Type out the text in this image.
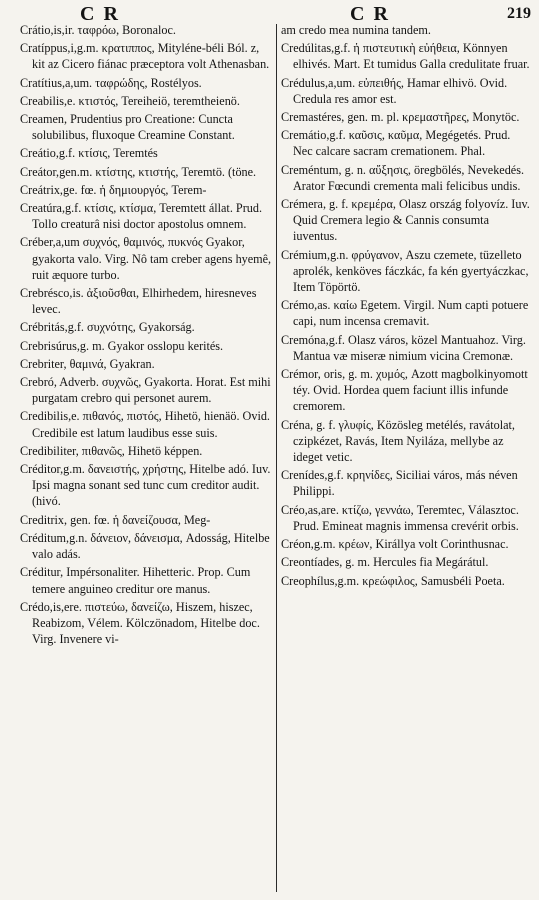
C R	C R	219
Crátio,is,ir. ταφρόω, Boronaloc.
Cratíppus,i,g.m. κρατιππος, Mityléne-béli Ból. z, kit az Cicero fiánac præceptora volt Athenasban.
Cratítius,a,um. ταφρώδης, Rostélyos.
Creabilis,e. κτιστός, Tereiheiö, teremtheienö.
Creamen, Prudentius pro Creatione: Cuncta solubilibus, fluxoque Creamine Constant.
Creátio,g.f. κτίσις, Teremtés
Creátor,gen.m. κτίστης, κτιστής, Teremtö. (töne.
Creátrix,ge. fœ. ἡ δημιουργός, Terem-
Creatúra,g.f. κτίσις, κτίσμα, Teremtett állat. Prud. Tollo creaturâ nisi doctor apostolus omnem.
Créber,a,um συχνός, θαμινός, πυκνός Gyakor, gyakorta valo. Virg. Nô tam creber agens hyemê, ruit æquore turbo.
Crebrésco,is. ἀξιοῦσθαι, Elhirhedem, hiresneves levec.
Crébritás,g.f. συχνότης, Gyakorság.
Crebrisúrus,g. m. Gyakor osslopu kerités.
Crebriter, θαμινά, Gyakran.
Crebró, Adverb. συχνῶς, Gyakorta. Horat. Est mihi purgatam crebro qui personet aurem.
Credibilis,e. πιθανός, πιστός, Hihetö, hienäö. Ovid. Credibile est latum laudibus esse suis.
Credibiliter, πιθανῶς, Hihetö képpen.
Créditor,g.m. δανειστής, χρήστης, Hitelbe adó. Iuv. Ipsi magna sonant sed tunc cum creditor audit. (hivó.
Creditrix, gen. fœ. ἡ δανείζουσα, Meg-
Créditum,g.n. δάνειον, δάνεισμα, Adosság, Hitelbe valo adás.
Créditur, Impérsonaliter. Hihetteric. Prop. Cum temere anguineo creditur ore manus.
Crédo,is,ere. πιστεύω, δανείζω, Hiszem, hiszec, Reabizom, Vélem. Kölczönadom, Hitelbe doc. Virg. Invenere vi-
am credo mea numina tandem.
Credúlitas,g.f. ἡ πιστευτικὴ εὐήθεια, Könnyen elhivés. Mart. Et tumidus Galla credulitate fruar.
Crédulus,a,um. εὐπειθής, Hamar elhivö. Ovid. Credula res amor est.
Cremastéres, gen. m. pl. κρεμαστῆρες, Monytöc.
Cremátio,g.f. καῦσις, καῦμα, Megégetés. Prud. Nec calcare sacram cremationem. Phal.
Creméntum, g. n. αὔξησις, öregbölés, Nevekedés. Arator Fœcundi crementa mali felicibus undis.
Crémera, g. f. κρεμέρα, Olasz ország folyovíz. Iuv. Quid Cremera legio & Cannis consumta iuventus.
Crémium,g.n. φρύγανον, Aszu czemete, tüzelleto aprolék, kenköves fáczkác, fa kén gyertyáczkac, Item Töpörtö.
Crémo,as. καίω Egetem. Virgil. Num capti potuere capi, num incensa cremavit.
Cremóna,g.f. Olasz város, közel Mantuahoz. Virg. Mantua væ miseræ nimium vicina Cremonæ.
Crémor, oris, g. m. χυμός, Azott magbolkinyomott téy. Ovid. Hordea quem faciunt illis infunde cremorem.
Créna, g. f. γλυφίς, Közösleg metélés, ravátolat, czipkézet, Ravás, Item Nyiláza, mellybe az ideget vetic.
Crenídes,g.f. κρηνίδες, Siciliai város, más néven Philippi.
Créo,as,are. κτίζω, γεννάω, Teremtec, Választoc. Prud. Emineat magnis immensa crevérit orbis.
Créon,g.m. κρέων, Királlya volt Corinthusnac.
Creontíades, g. m. Hercules fia Megárátul.
Creophílus,g.m. κρεώφιλος, Samusbéli Poeta.
